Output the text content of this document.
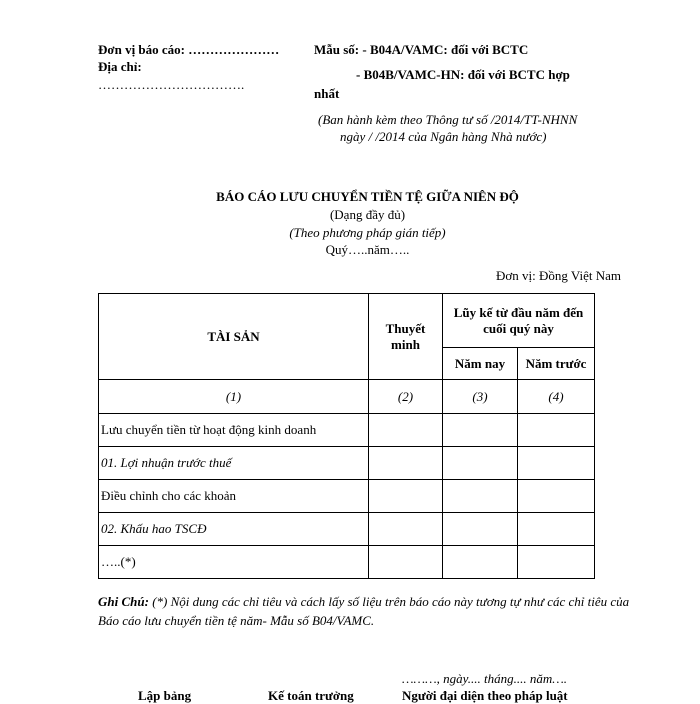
Đơn vị báo cáo: …………………
Địa chỉ:
…………………………….
Mẫu số: - B04A/VAMC: đối với BCTC
- B04B/VAMC-HN: đối với BCTC hợp
nhất
(Ban hành kèm theo Thông tư số /2014/TT-NHNN
ngày / /2014 của Ngân hàng Nhà nước)
BÁO CÁO LƯU CHUYỂN TIỀN TỆ GIỮA NIÊN ĐỘ
(Dạng đầy đủ)
(Theo phương pháp gián tiếp)
Quý…..năm…..
Đơn vị: Đồng Việt Nam
TÀI SẢN	Thuyết minh	Lũy kế từ đầu năm đến cuối quý này	
		Năm nay	Năm trước
(1)	(2)	(3)	(4)
Lưu chuyển tiền từ hoạt động kinh doanh			
01. Lợi nhuận trước thuế			
Điều chỉnh cho các khoản			
02. Khấu hao TSCĐ			
…..(*)			
Ghi Chú: (*) Nội dung các chỉ tiêu và cách lấy số liệu trên báo cáo này tương tự như các chỉ tiêu của Báo cáo lưu chuyển tiền tệ năm- Mẫu số B04/VAMC.
………, ngày.... tháng.... năm….
Lập bảng	Kế toán trưởng	Người đại diện theo pháp luật
